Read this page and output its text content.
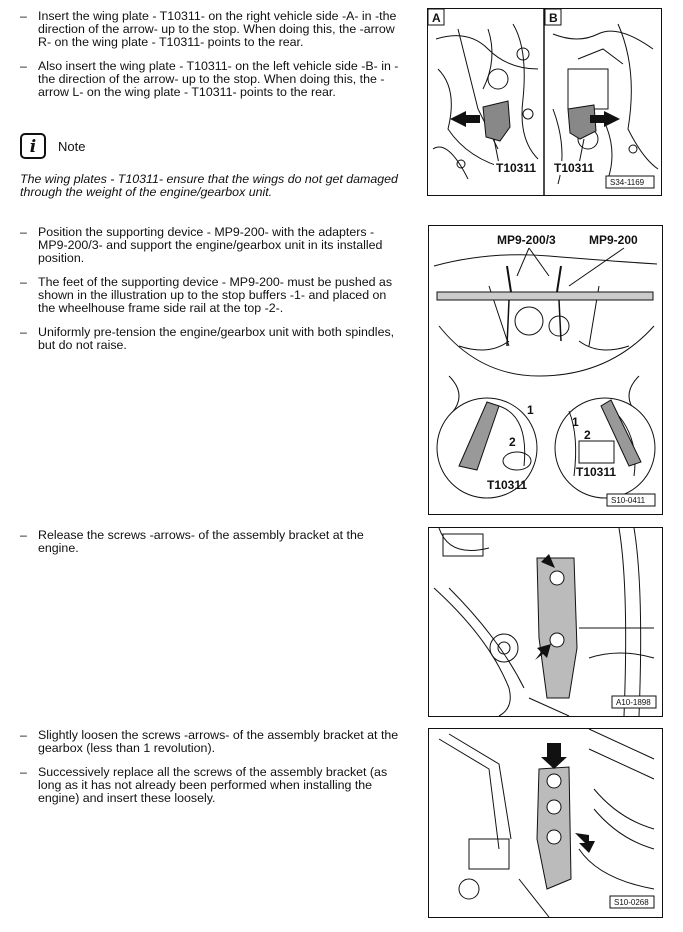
– Insert the wing plate - T10311- on the right vehicle side -A- in -the direction of the arrow- up to the stop. When doing this, the -arrow R- on the wing plate - T10311- points to the rear.
– Also insert the wing plate - T10311- on the left vehicle side -B- in -the direction of the arrow- up to the stop. When doing this, the -arrow L- on the wing plate - T10311- points to the rear.
i	Note
The wing plates - T10311- ensure that the wings do not get damaged through the weight of the engine/gearbox unit.
– Position the supporting device - MP9-200- with the adapters - MP9-200/3- and support the engine/gearbox unit in its installed position.
– The feet of the supporting device - MP9-200- must be pushed as shown in the illustration up to the stop buffers -1- and placed on the wheelhouse frame side rail at the top -2-.
– Uniformly pre-tension the engine/gearbox unit with both spindles, but do not raise.
– Release the screws -arrows- of the assembly bracket at the engine.
– Slightly loosen the screws -arrows- of the assembly bracket at the gearbox (less than 1 revolution).
– Successively replace all the screws of the assembly bracket (as long as it has not already been performed when installing the engine) and insert these loosely.
A	B
T10311 T10311
S34-1169
MP9-200/3	MP9-200
1
2
T10311
1
2
T10311
S10-0411
A10-1898
S10-0268
